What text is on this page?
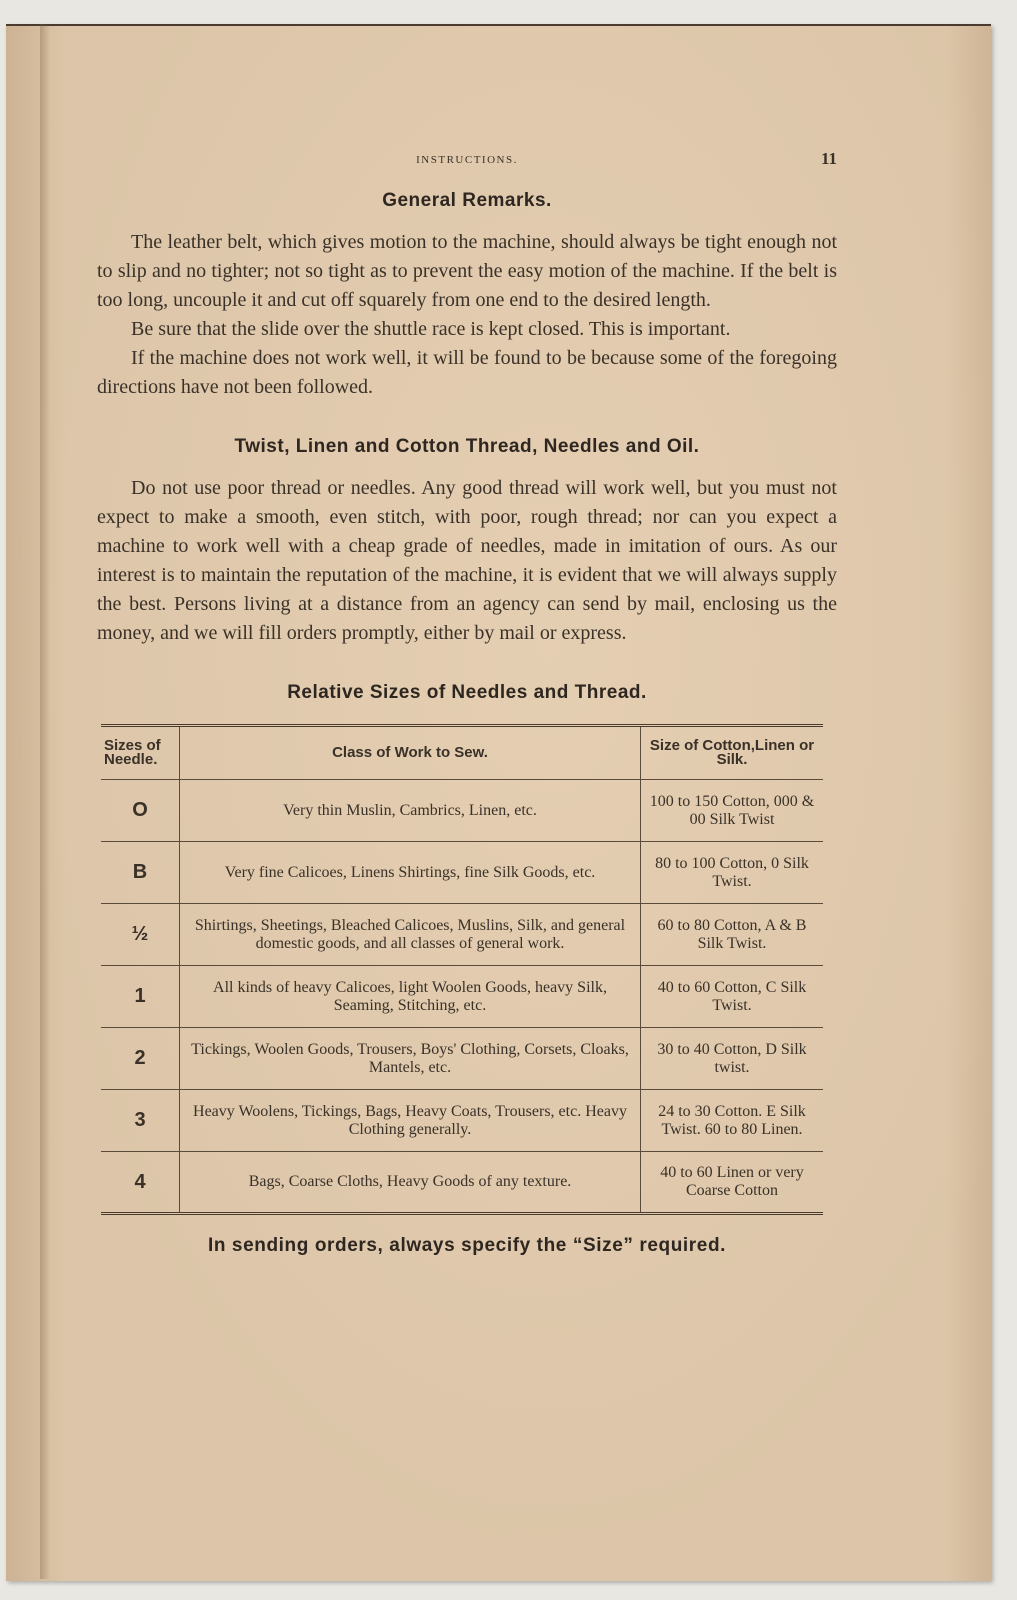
INSTRUCTIONS.	11
General Remarks.

The leather belt, which gives motion to the machine, should always be tight enough not to slip and no tighter; not so tight as to prevent the easy motion of the machine. If the belt is too long, uncouple it and cut off squarely from one end to the desired length.

Be sure that the slide over the shuttle race is kept closed. This is important.

If the machine does not work well, it will be found to be because some of the foregoing directions have not been followed.

Twist, Linen and Cotton Thread, Needles and Oil.

Do not use poor thread or needles. Any good thread will work well, but you must not expect to make a smooth, even stitch, with poor, rough thread; nor can you expect a machine to work well with a cheap grade of needles, made in imitation of ours. As our interest is to maintain the reputation of the machine, it is evident that we will always supply the best. Persons living at a distance from an agency can send by mail, enclosing us the money, and we will fill orders promptly, either by mail or express.

Relative Sizes of Needles and Thread.
Sizes of Needle.	Class of Work to Sew.	Size of Cotton,Linen or Silk.
O	Very thin Muslin, Cambrics, Linen, etc.	100 to 150 Cotton, 000 & 00 Silk Twist
B	Very fine Calicoes, Linens Shirtings, fine Silk Goods, etc.	80 to 100 Cotton, 0 Silk Twist.
½	Shirtings, Sheetings, Bleached Calicoes, Muslins, Silk, and general domestic goods, and all classes of general work.	60 to 80 Cotton, A & B Silk Twist.
1	All kinds of heavy Calicoes, light Woolen Goods, heavy Silk, Seaming, Stitching, etc.	40 to 60 Cotton, C Silk Twist.
2	Tickings, Woolen Goods, Trousers, Boys' Clothing, Corsets, Cloaks, Mantels, etc.	30 to 40 Cotton, D Silk twist.
3	Heavy Woolens, Tickings, Bags, Heavy Coats, Trousers, etc. Heavy Clothing generally.	24 to 30 Cotton. E Silk Twist. 60 to 80 Linen.
4	Bags, Coarse Cloths, Heavy Goods of any texture.	40 to 60 Linen or very Coarse Cotton
In sending orders, always specify the “Size” required.
